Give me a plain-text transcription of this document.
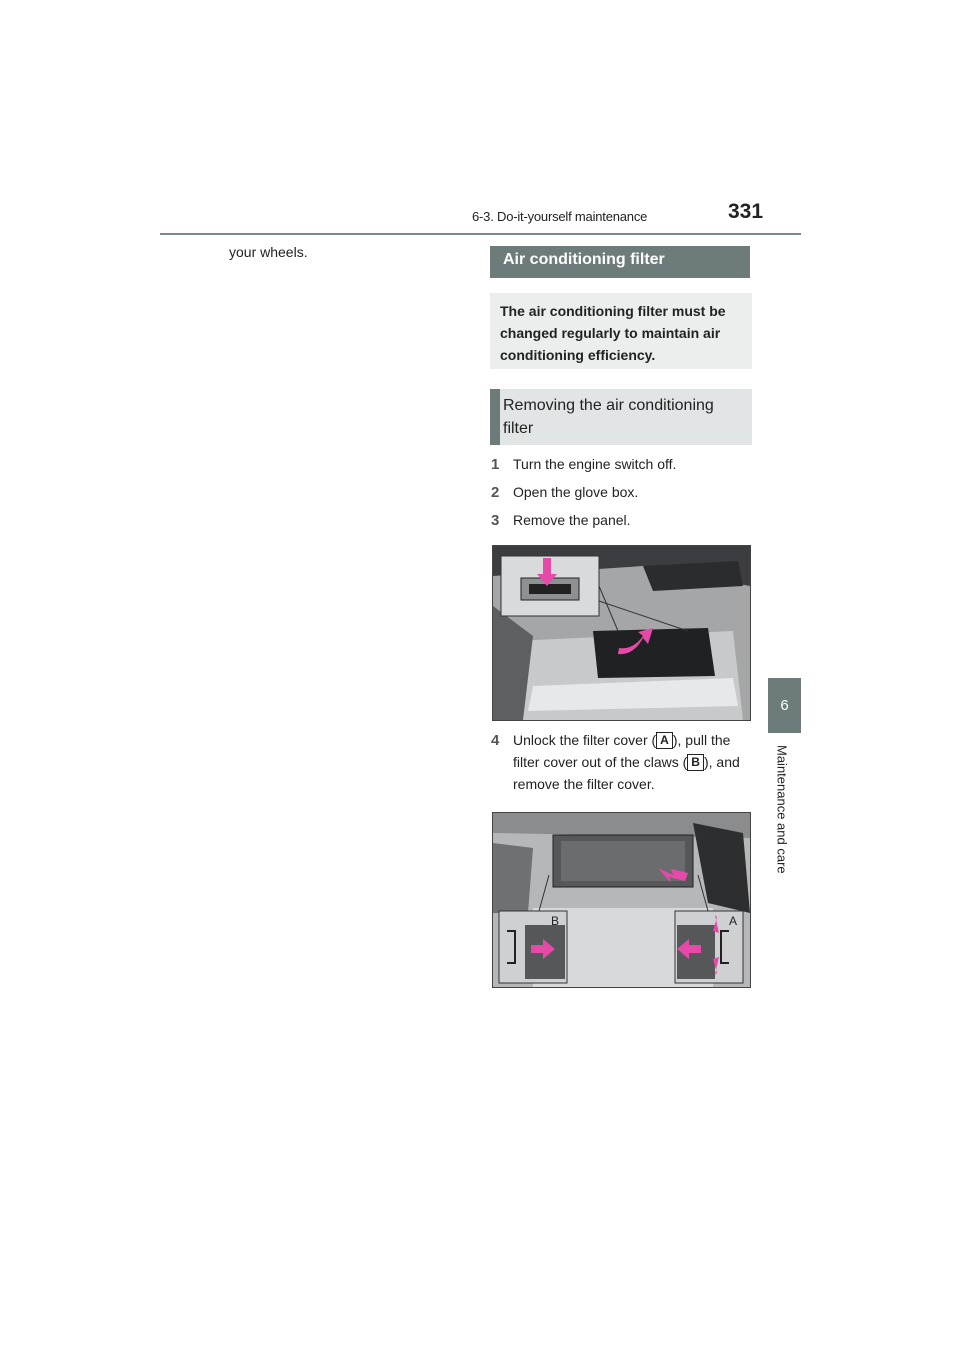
6-3. Do-it-yourself maintenance	331
6
Maintenance and care
your wheels.	Air conditioning filter
The air conditioning filter must be changed regularly to maintain air conditioning efficiency.
Removing the air conditioning filter
1 Turn the engine switch off.
2 Open the glove box.
3 Remove the panel.
4 Unlock the filter cover ( A ), pull the filter cover out of the claws ( B ), and remove the filter cover.
B	A
